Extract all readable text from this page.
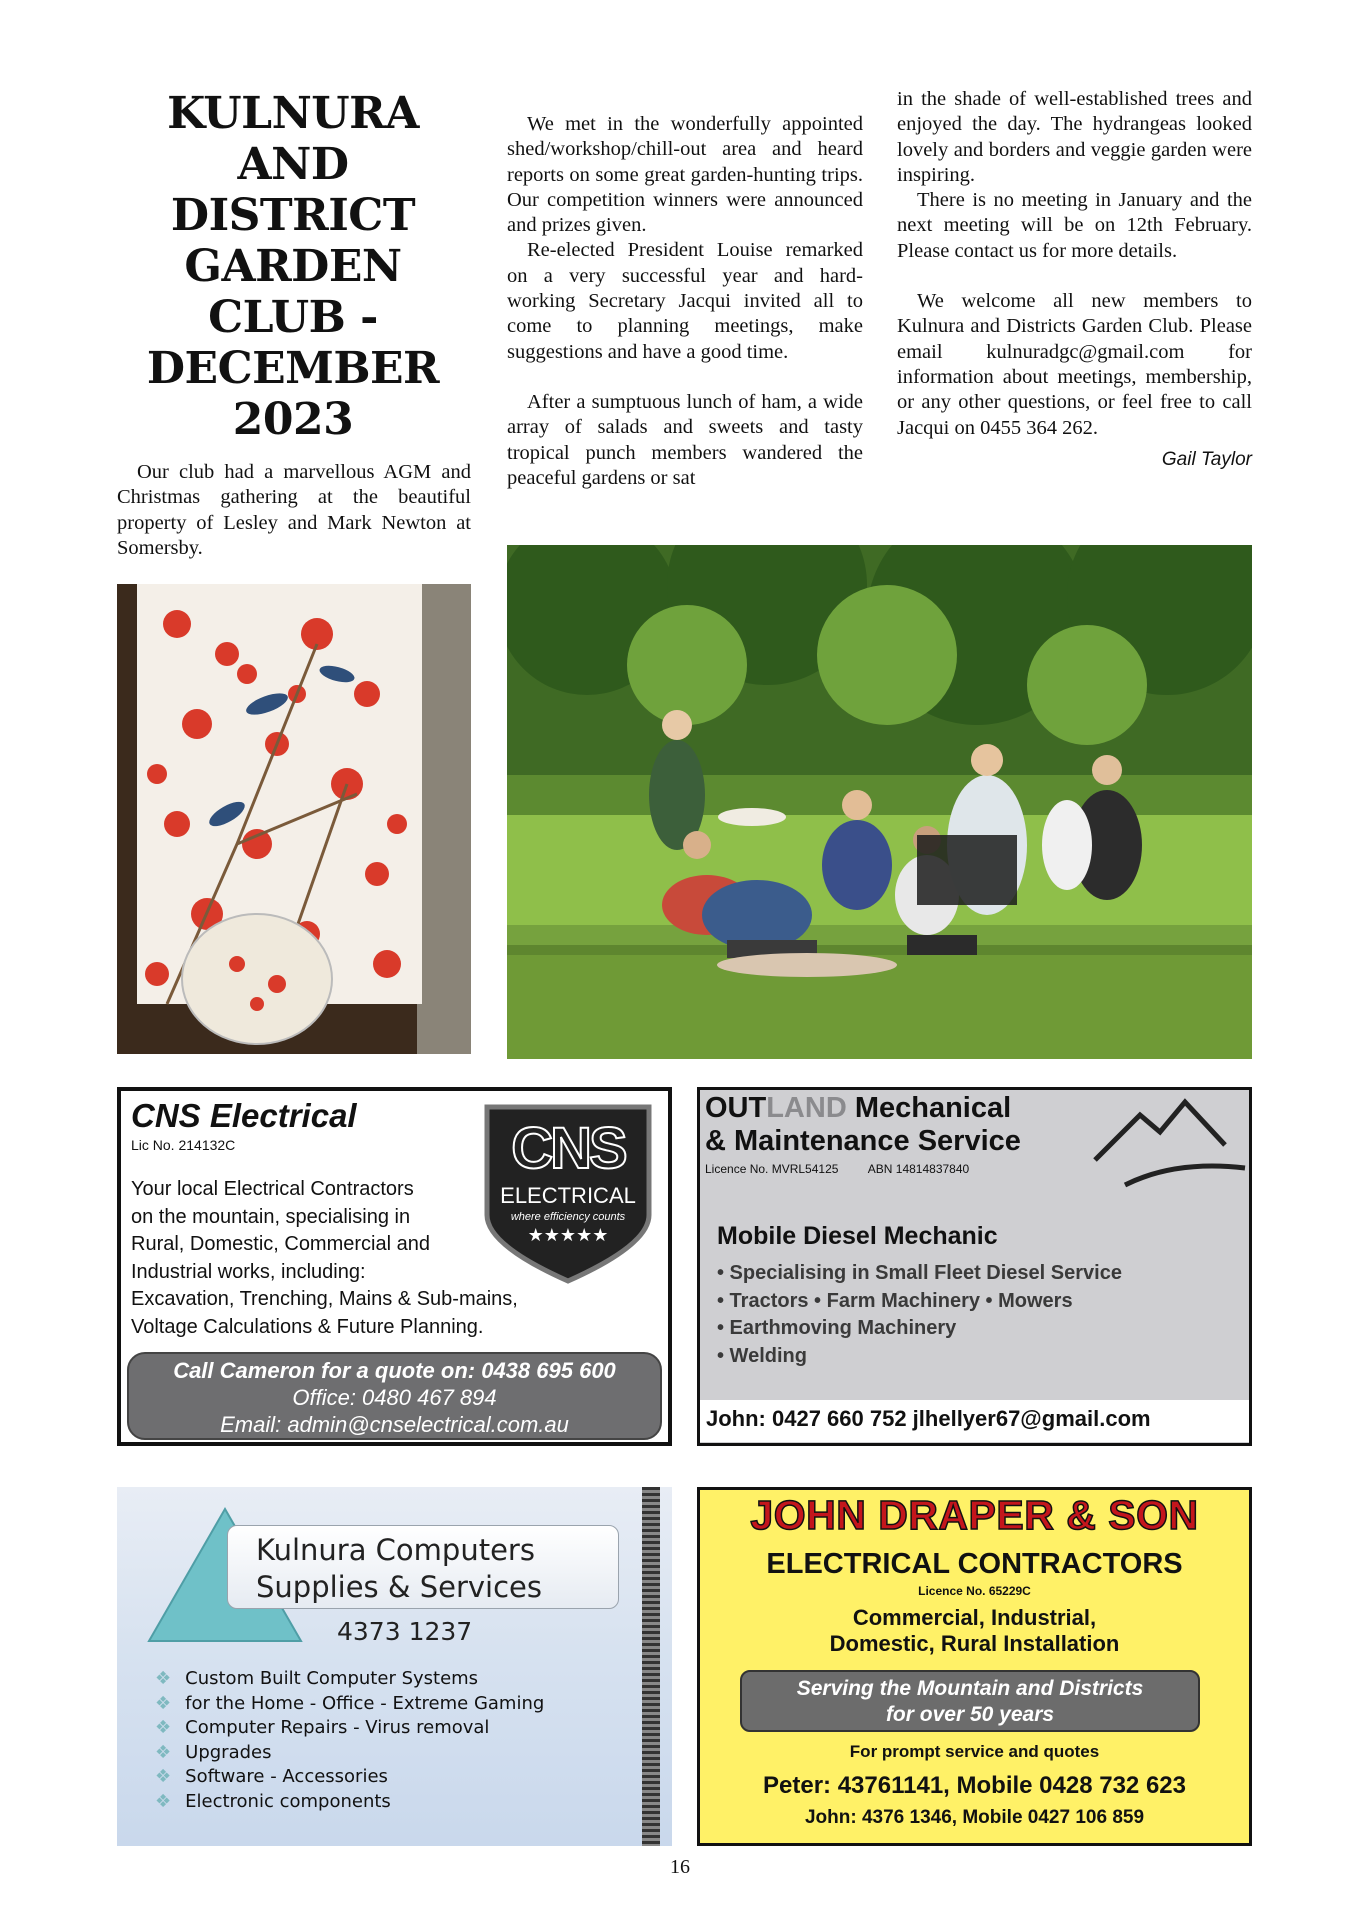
KULNURA
AND
DISTRICT
GARDEN
CLUB -
DECEMBER
2023

Our club had a marvellous AGM and Christmas gathering at the beautiful property of Lesley and Mark Newton at Somersby.

We met in the wonderfully appointed shed/workshop/chill-out area and heard reports on some great garden-hunting trips. Our competition winners were announced and prizes given.

Re-elected President Louise remarked on a very successful year and hard-working Secretary Jacqui invited all to come to planning meetings, make suggestions and have a good time.

After a sumptuous lunch of ham, a wide array of salads and sweets and tasty tropical punch members wandered the peaceful gardens or sat

in the shade of well-established trees and enjoyed the day. The hydrangeas looked lovely and borders and veggie garden were inspiring.

There is no meeting in January and the next meeting will be on 12th February. Please contact us for more details.

We welcome all new members to Kulnura and Districts Garden Club. Please email kulnuradgc@gmail.com for information about meetings, membership, or any other questions, or feel free to call Jacqui on 0455 364 262.

Gail Taylor
CNS Electrical
Lic No. 214132C	CNS
ELECTRICAL
where efficiency counts
★★★★★
Your local Electrical Contractors
on the mountain, specialising in
Rural, Domestic, Commercial and
Industrial works, including:
Excavation, Trenching, Mains & Sub-mains,
Voltage Calculations & Future Planning.
Call Cameron for a quote on: 0438 695 600
Office: 0480 467 894
Email: admin@cnselectrical.com.au
OUTLAND Mechanical
& Maintenance Service
Licence No. MVRL54125 ABN 14814837840
Mobile Diesel Mechanic
• Specialising in Small Fleet Diesel Service
• Tractors • Farm Machinery • Mowers
• Earthmoving Machinery
• Welding
John: 0427 660 752 jlhellyer67@gmail.com
Kulnura Computers
Supplies & Services
4373 1237
❖ Custom Built Computer Systems
❖ for the Home - Office - Extreme Gaming
❖ Computer Repairs - Virus removal
❖ Upgrades
❖ Software - Accessories
❖ Electronic components
JOHN DRAPER & SON
ELECTRICAL CONTRACTORS
Licence No. 65229C
Commercial, Industrial,
Domestic, Rural Installation
Serving the Mountain and Districts
for over 50 years
For prompt service and quotes
Peter: 43761141, Mobile 0428 732 623
John: 4376 1346, Mobile 0427 106 859
16
